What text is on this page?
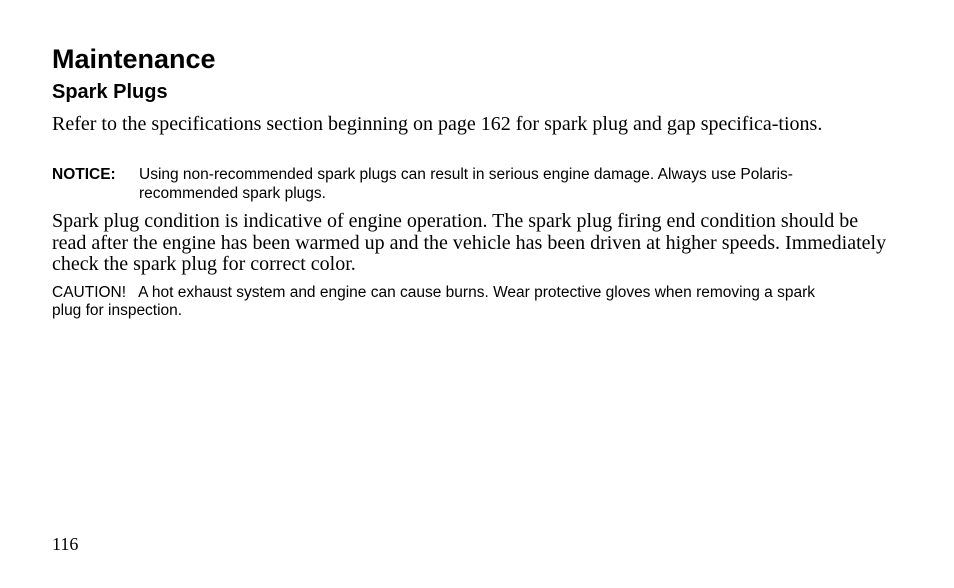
Maintenance
Spark Plugs

Refer to the specifications section beginning on page 162 for spark plug and gap specifica-tions.

NOTICE: Using non-recommended spark plugs can result in serious engine damage. Always use Polaris-recommended spark plugs.

Spark plug condition is indicative of engine operation. The spark plug firing end condition should be read after the engine has been warmed up and the vehicle has been driven at higher speeds. Immediately check the spark plug for correct color.

CAUTION! A hot exhaust system and engine can cause burns. Wear protective gloves when removing a spark plug for inspection.
116
